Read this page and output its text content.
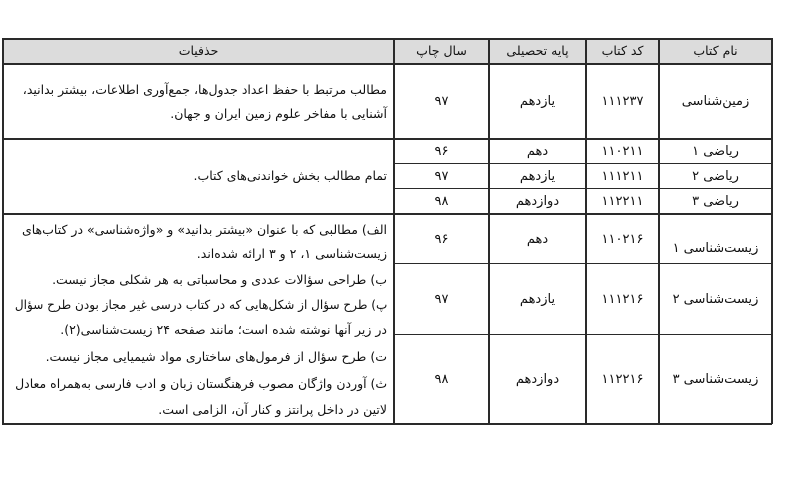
نام کتاب
کد کتاب
پایه تحصیلی
سال چاپ
حذفیات
زمین‌شناسی
۱۱۱۲۳۷
یازدهم
۹۷
مطالب مرتبط با حفظ اعداد جدول‌ها، جمع‌آوری اطلاعات، بیشتر بدانید،
آشنایی با مفاخر علوم زمین ایران و جهان.
ریاضی ۱
۱۱۰۲۱۱
دهم
۹۶
ریاضی ۲
۱۱۱۲۱۱
یازدهم
۹۷
ریاضی ۳
۱۱۲۲۱۱
دوازدهم
۹۸
تمام مطالب بخش خواندنی‌های کتاب.
زیست‌شناسی ۱
۱۱۰۲۱۶
دهم
۹۶
زیست‌شناسی ۲
۱۱۱۲۱۶
یازدهم
۹۷
زیست‌شناسی ۳
۱۱۲۲۱۶
دوازدهم
۹۸
الف) مطالبی که با عنوان «بیشتر بدانید» و «واژه‌شناسی» در کتاب‌های
زیست‌شناسی ۱، ۲ و ۳ ارائه شده‌اند.
ب) طراحی سؤالات عددی و محاسباتی به هر شکلی مجاز نیست.
پ) طرح سؤال از شکل‌هایی که در کتاب درسی غیر مجاز بودن طرح سؤال
در زیر آنها نوشته شده است؛ مانند صفحه ۲۴ زیست‌شناسی(۲).
ت) طرح سؤال از فرمول‌های ساختاری مواد شیمیایی مجاز نیست.
ث) آوردن واژگان مصوب فرهنگستان زبان و ادب فارسی به‌همراه معادل
لاتین در داخل پرانتز و کنار آن، الزامی است.
